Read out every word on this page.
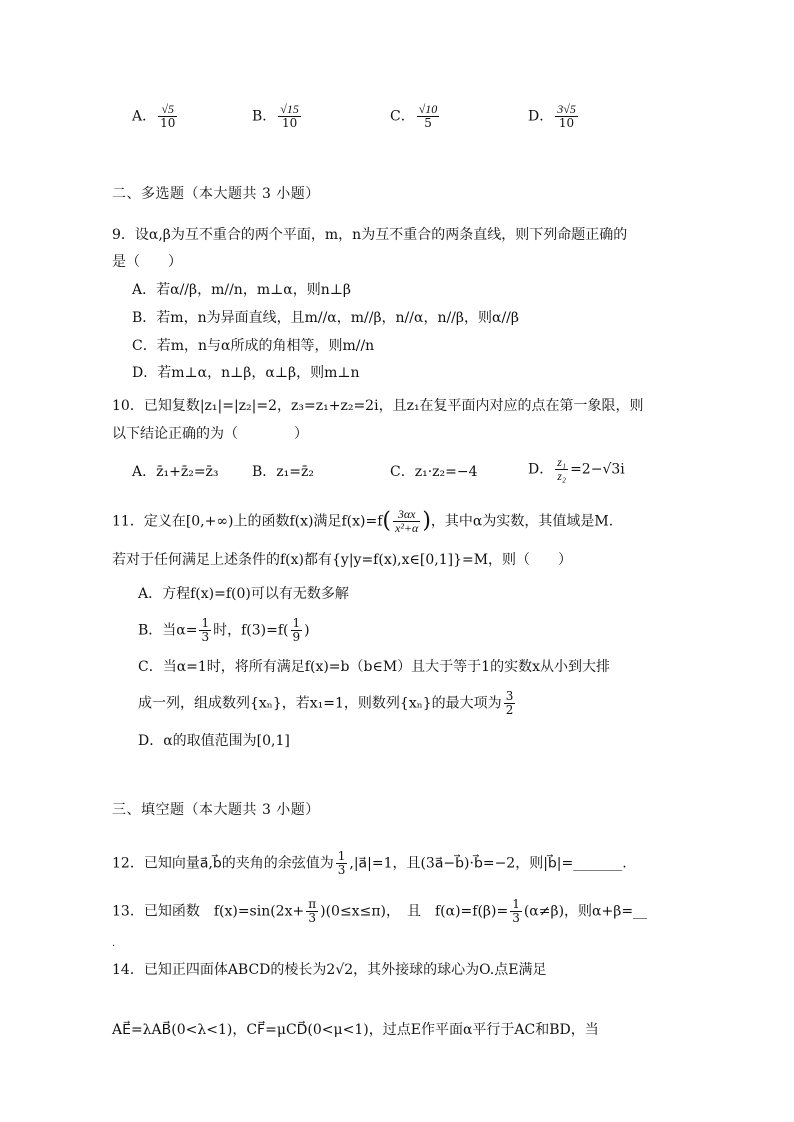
A． $\frac{√5}{10}$	B． $\frac{√15}{10}$	C． $\frac{√10}{5}$	D． $\frac{3√5}{10}$
二、多选题（本大题共 3 小题）
9．设α,β为互不重合的两个平面，m，n为互不重合的两条直线，则下列命题正确的
是（　　）
A．若α//β，m//n，m⊥α，则n⊥β
B．若m，n为异面直线，且m//α，m//β，n//α，n//β，则α//β
C．若m，n与α所成的角相等，则m//n
D．若m⊥α，n⊥β，α⊥β，则m⊥n
10．已知复数|z₁|=|z₂|=2，z₃=z₁+z₂=2i，且z₁在复平面内对应的点在第一象限，则
以下结论正确的为（　　　　）
A．z̄₁+z̄₂=z̄₃ B．z₁=z̄₂	C．z₁·z₂=−4	D． $\frac{\text{z₁}}{\text{z₂}} =2-√3i$
11．定义在[0,+∞)上的函数f(x)满足$f(x)=f( \frac{3\alpha x}{\text{x²+α}}$ )，其中α为实数，其值域是M.
若对于任何满足上述条件的f(x)都有{y|y=f(x),x∈[0,1]}=M，则（　　）
A．方程f(x)=f(0)可以有无数多解
B．当$\alpha= \frac{1}{3}$ 时，$f(3)=f( \frac{1}{9}$ )
C．当α=1时，将所有满足f(x)=b（b∈M）且大于等于1的实数x从小到大排
成一列，组成数列{xₙ}，若x₁=1，则数列{xₙ}的最大项为 $\frac{3}{2}$
D．α的取值范围为[0,1]
三、填空题（本大题共 3 小题）
12．已知向量a⃗,b⃗的夹角的余弦值为 $\frac{1}{3}$ ,|a⃗|=1，且(3a⃗−b⃗)·b⃗=−2，则|b⃗|=_______.
13．已知函数　$f(x)=\sin(2x+ \frac{\pi}{3} )(0\le x\le\pi)$，　且　$f(\alpha)=f(\beta)= \frac{1}{3} (\alpha\ne\beta)$，则α+β=__
.
14．已知正四面体ABCD的棱长为2√2，其外接球的球心为O.点E满足
AE⃗=λAB⃗(0<λ<1)，CF⃗=μCD⃗(0<μ<1)，过点E作平面α平行于AC和BD，当
